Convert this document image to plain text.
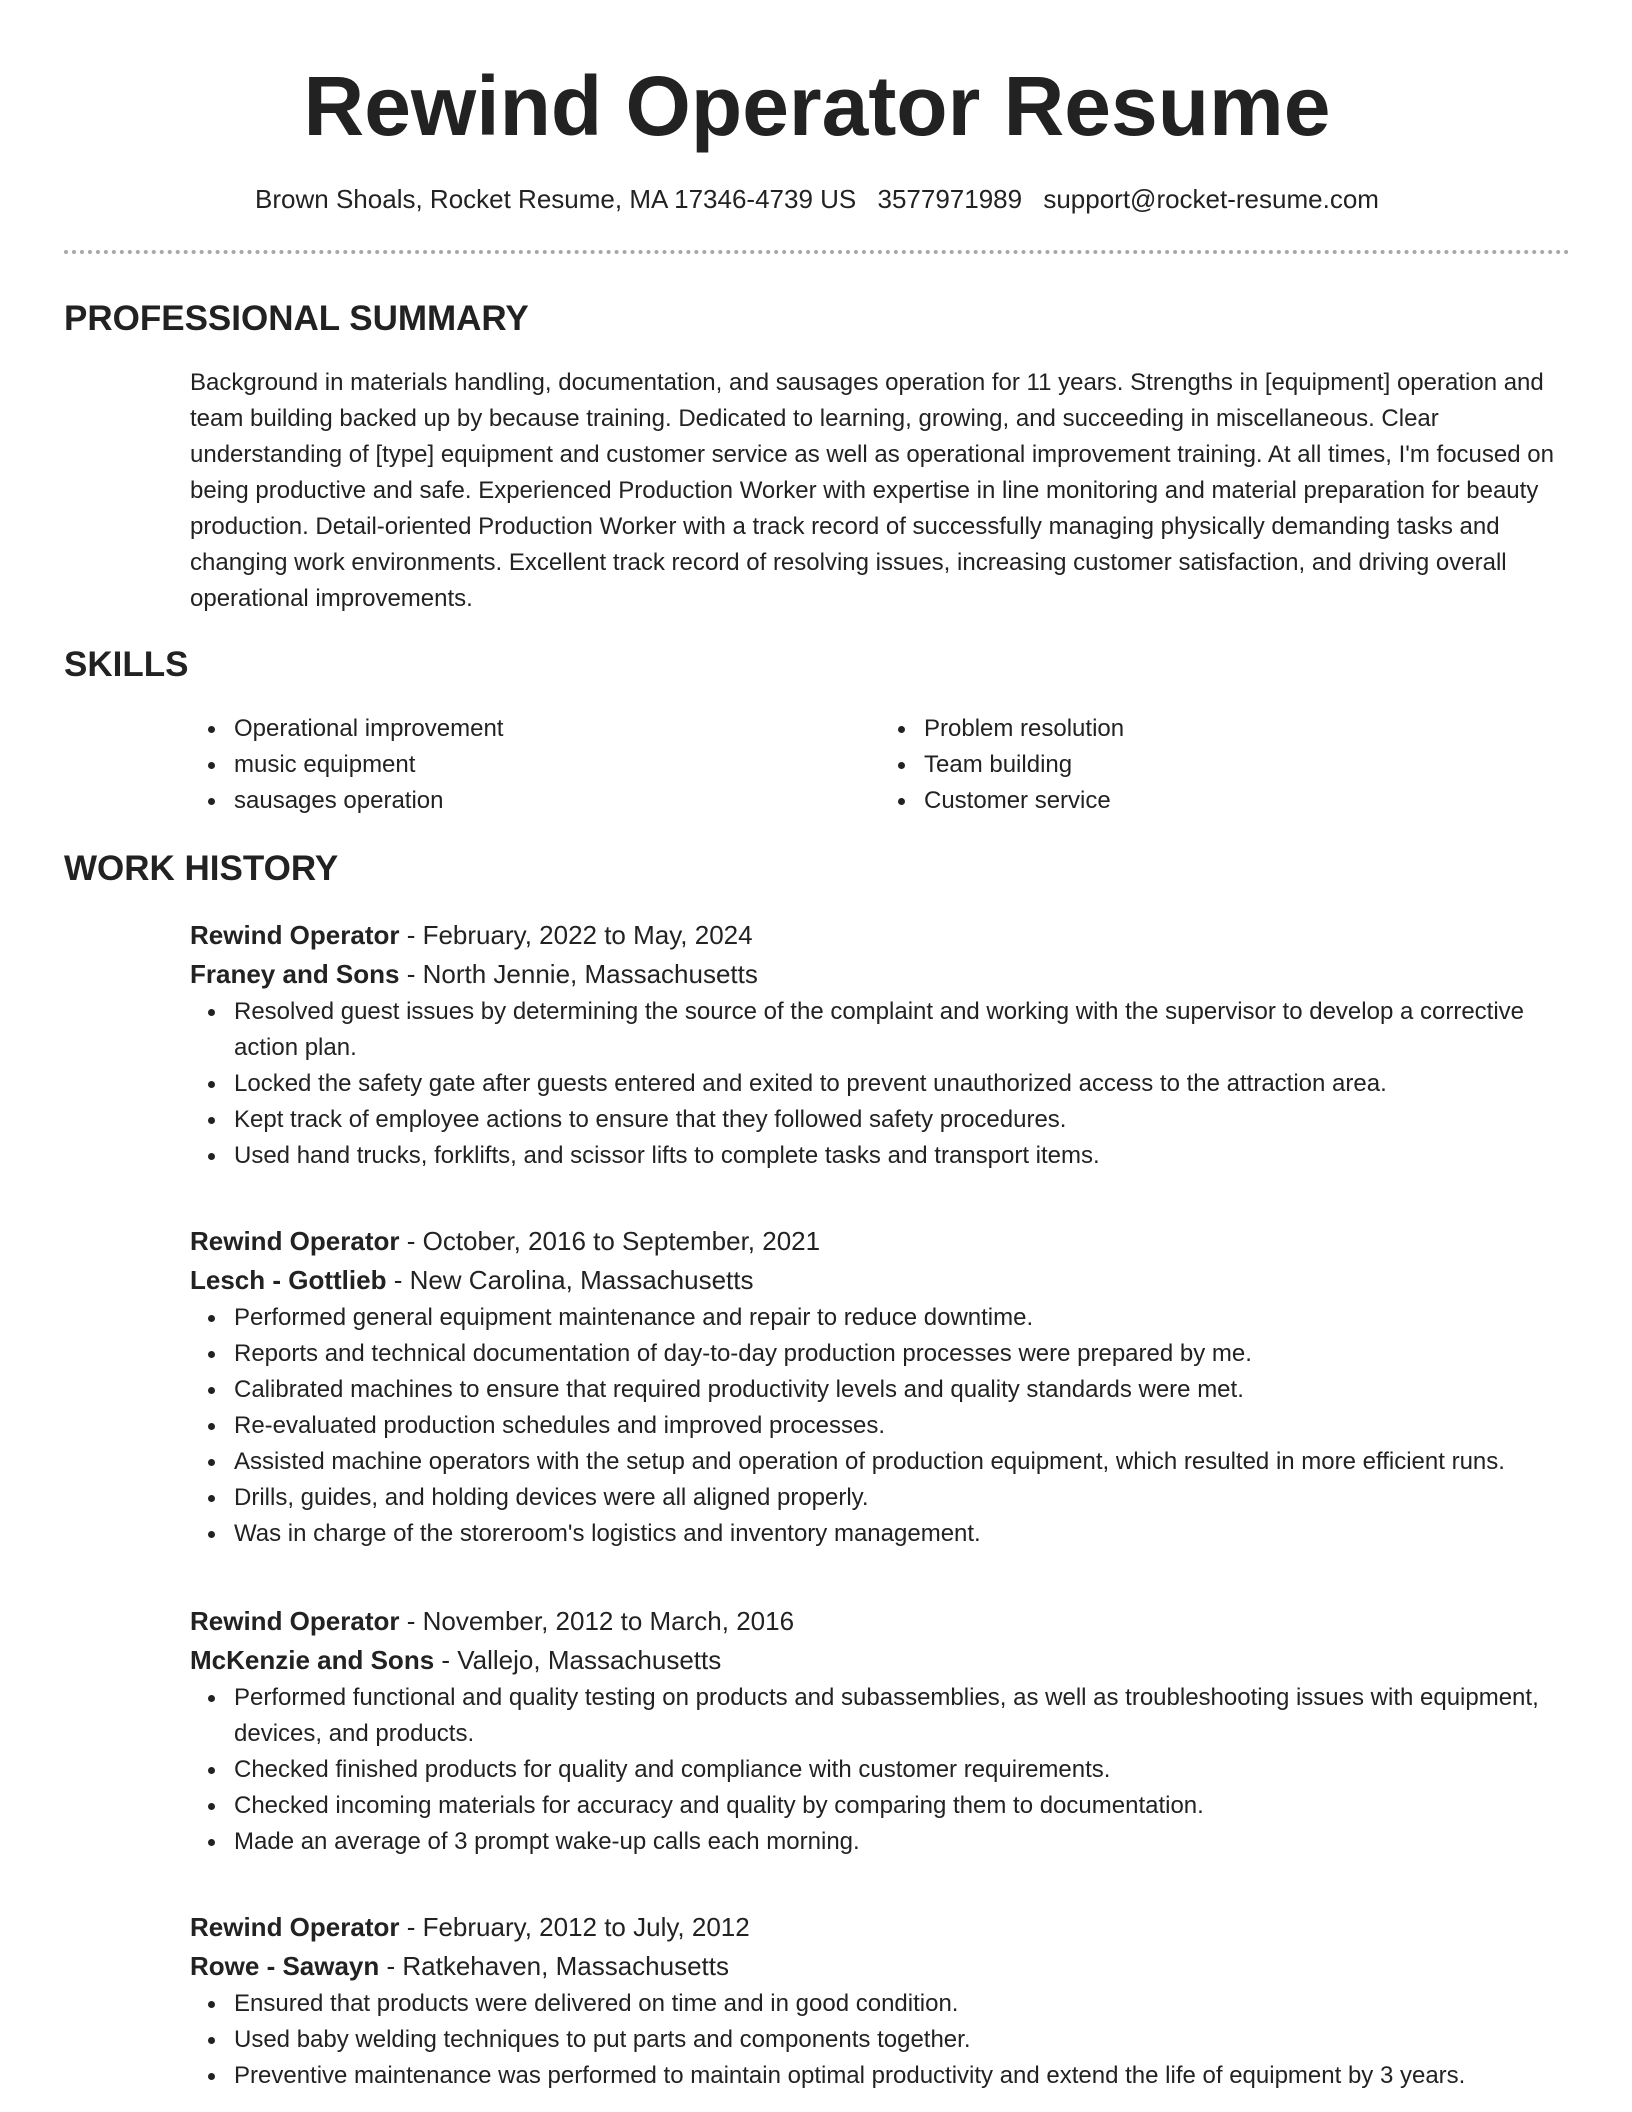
Rewind Operator Resume
Brown Shoals, Rocket Resume, MA 17346-4739 US 3577971989 support@rocket-resume.com
PROFESSIONAL SUMMARY

Background in materials handling, documentation, and sausages operation for 11 years. Strengths in [equipment] operation and team building backed up by because training. Dedicated to learning, growing, and succeeding in miscellaneous. Clear understanding of [type] equipment and customer service as well as operational improvement training. At all times, I'm focused on being productive and safe. Experienced Production Worker with expertise in line monitoring and material preparation for beauty production. Detail-oriented Production Worker with a track record of successfully managing physically demanding tasks and changing work environments. Excellent track record of resolving issues, increasing customer satisfaction, and driving overall operational improvements.

SKILLS
Operational improvement
music equipment
sausages operation
Problem resolution
Team building
Customer service
WORK HISTORY
Rewind Operator - February, 2022 to May, 2024
Franey and Sons - North Jennie, Massachusetts
Resolved guest issues by determining the source of the complaint and working with the supervisor to develop a corrective action plan.
Locked the safety gate after guests entered and exited to prevent unauthorized access to the attraction area.
Kept track of employee actions to ensure that they followed safety procedures.
Used hand trucks, forklifts, and scissor lifts to complete tasks and transport items.
Rewind Operator - October, 2016 to September, 2021
Lesch - Gottlieb - New Carolina, Massachusetts
Performed general equipment maintenance and repair to reduce downtime.
Reports and technical documentation of day-to-day production processes were prepared by me.
Calibrated machines to ensure that required productivity levels and quality standards were met.
Re-evaluated production schedules and improved processes.
Assisted machine operators with the setup and operation of production equipment, which resulted in more efficient runs.
Drills, guides, and holding devices were all aligned properly.
Was in charge of the storeroom's logistics and inventory management.
Rewind Operator - November, 2012 to March, 2016
McKenzie and Sons - Vallejo, Massachusetts
Performed functional and quality testing on products and subassemblies, as well as troubleshooting issues with equipment, devices, and products.
Checked finished products for quality and compliance with customer requirements.
Checked incoming materials for accuracy and quality by comparing them to documentation.
Made an average of 3 prompt wake-up calls each morning.
Rewind Operator - February, 2012 to July, 2012
Rowe - Sawayn - Ratkehaven, Massachusetts
Ensured that products were delivered on time and in good condition.
Used baby welding techniques to put parts and components together.
Preventive maintenance was performed to maintain optimal productivity and extend the life of equipment by 3 years.
